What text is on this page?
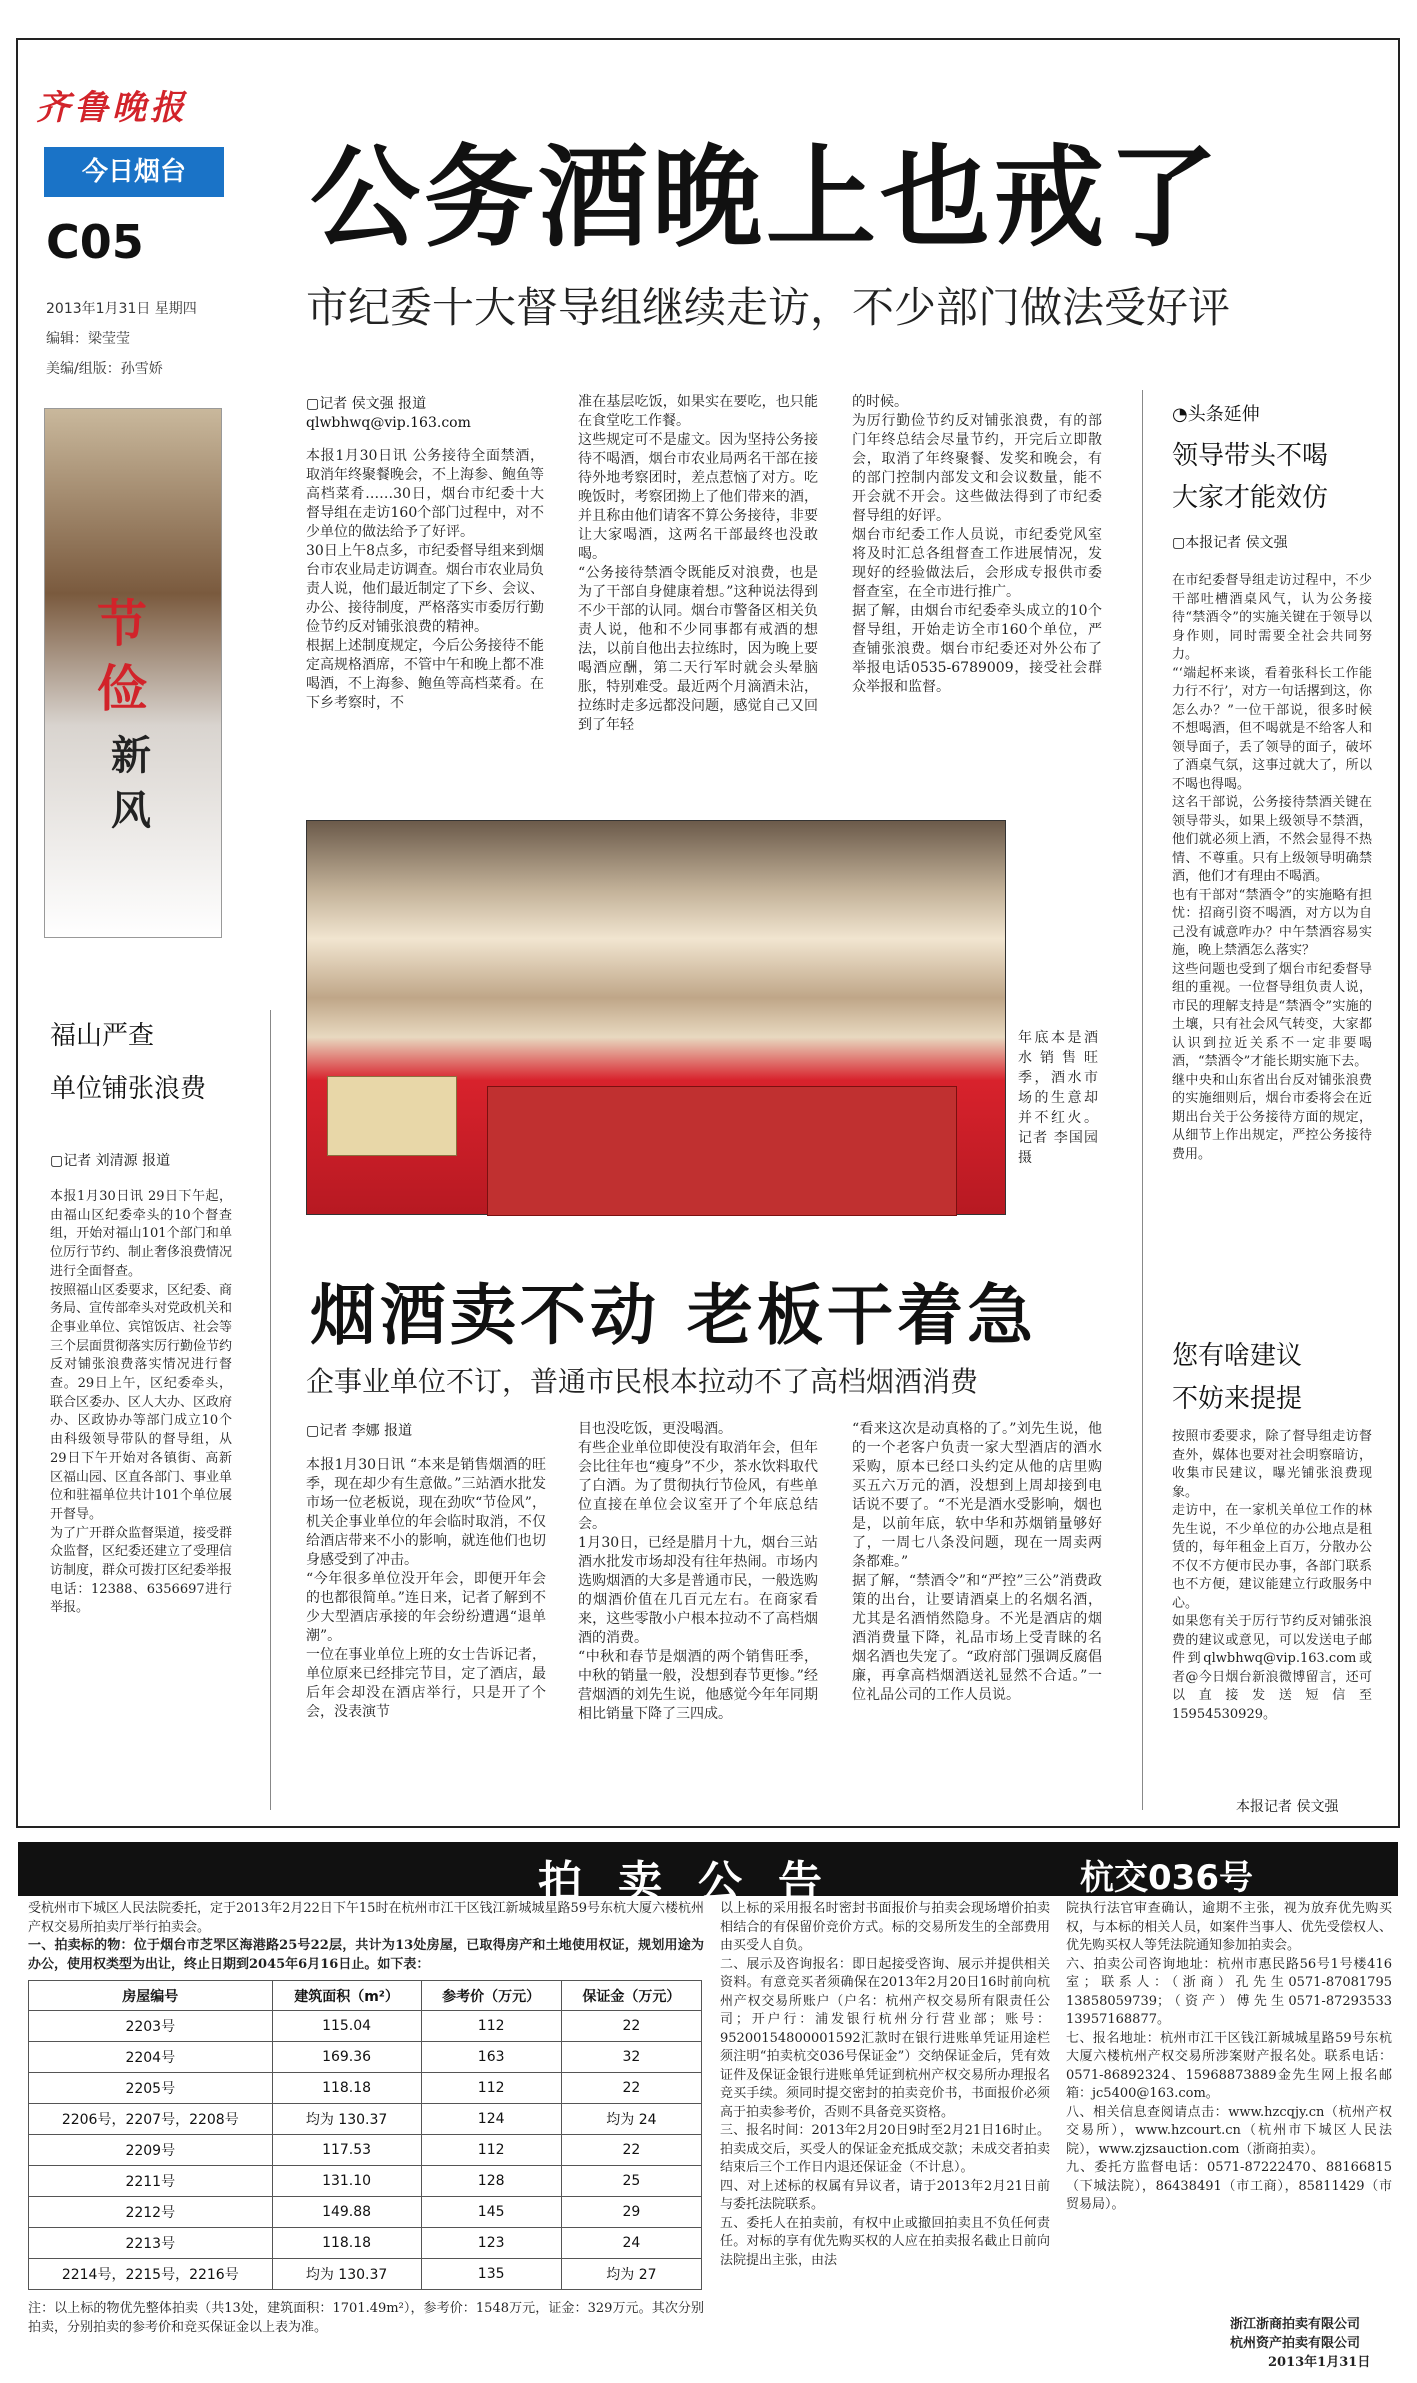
齐鲁晚报
今日烟台
C05
2013年1月31日 星期四
编辑：梁莹莹
美编/组版：孙雪娇
节
俭
新
风
公务酒晚上也戒了
市纪委十大督导组继续走访，不少部门做法受好评
▢记者 侯文强 报道
qlwbhwq@vip.163.com
本报1月30日讯 公务接待全面禁酒，取消年终聚餐晚会，不上海参、鲍鱼等高档菜肴……30日，烟台市纪委十大督导组在走访160个部门过程中，对不少单位的做法给予了好评。
30日上午8点多，市纪委督导组来到烟台市农业局走访调查。烟台市农业局负责人说，他们最近制定了下乡、会议、办公、接待制度，严格落实市委厉行勤俭节约反对铺张浪费的精神。
根据上述制度规定，今后公务接待不能定高规格酒席，不管中午和晚上都不准喝酒，不上海参、鲍鱼等高档菜肴。在下乡考察时，不
准在基层吃饭，如果实在要吃，也只能在食堂吃工作餐。
这些规定可不是虚文。因为坚持公务接待不喝酒，烟台市农业局两名干部在接待外地考察团时，差点惹恼了对方。吃晚饭时，考察团拗上了他们带来的酒，并且称由他们请客不算公务接待，非要让大家喝酒，这两名干部最终也没敢喝。
“公务接待禁酒令既能反对浪费，也是为了干部自身健康着想。”这种说法得到不少干部的认同。烟台市警备区相关负责人说，他和不少同事都有戒酒的想法，以前自他出去拉练时，因为晚上要喝酒应酬，第二天行军时就会头晕脑胀，特别难受。最近两个月滴酒未沾，拉练时走多远都没问题，感觉自己又回到了年轻
的时候。
为厉行勤俭节约反对铺张浪费，有的部门年终总结会尽量节约，开完后立即散会，取消了年终聚餐、发奖和晚会，有的部门控制内部发文和会议数量，能不开会就不开会。这些做法得到了市纪委督导组的好评。
烟台市纪委工作人员说，市纪委党风室将及时汇总各组督查工作进展情况，发现好的经验做法后，会形成专报供市委督查室，在全市进行推广。
据了解，由烟台市纪委牵头成立的10个督导组，开始走访全市160个单位，严查铺张浪费。烟台市纪委还对外公布了举报电话0535-6789009，接受社会群众举报和监督。
年底本是酒水销售旺季，酒水市场的生意却并不红火。记者 李国园 摄
福山严查
单位铺张浪费
▢记者 刘清源 报道
本报1月30日讯 29日下午起，由福山区纪委牵头的10个督查组，开始对福山101个部门和单位厉行节约、制止奢侈浪费情况进行全面督查。
按照福山区委要求，区纪委、商务局、宣传部牵头对党政机关和企事业单位、宾馆饭店、社会等三个层面贯彻落实厉行勤俭节约反对铺张浪费落实情况进行督查。29日上午，区纪委牵头，联合区委办、区人大办、区政府办、区政协办等部门成立10个由科级领导带队的督导组，从29日下午开始对各镇街、高新区福山园、区直各部门、事业单位和驻福单位共计101个单位展开督导。
为了广开群众监督渠道，接受群众监督，区纪委还建立了受理信访制度，群众可拨打区纪委举报电话：12388、6356697进行举报。
烟酒卖不动 老板干着急
企事业单位不订，普通市民根本拉动不了高档烟酒消费
▢记者 李娜 报道
本报1月30日讯 “本来是销售烟酒的旺季，现在却少有生意做。”三站酒水批发市场一位老板说，现在劲吹“节俭风”，机关企事业单位的年会临时取消，不仅给酒店带来不小的影响，就连他们也切身感受到了冲击。
“今年很多单位没开年会，即便开年会的也都很简单。”连日来，记者了解到不少大型酒店承接的年会纷纷遭遇“退单潮”。
一位在事业单位上班的女士告诉记者，单位原来已经排完节目，定了酒店，最后年会却没在酒店举行，只是开了个会，没表演节
目也没吃饭，更没喝酒。
有些企业单位即使没有取消年会，但年会比往年也“瘦身”不少，茶水饮料取代了白酒。为了贯彻执行节俭风，有些单位直接在单位会议室开了个年底总结会。
1月30日，已经是腊月十九，烟台三站酒水批发市场却没有往年热闹。市场内选购烟酒的大多是普通市民，一般选购的烟酒价值在几百元左右。在商家看来，这些零散小户根本拉动不了高档烟酒的消费。
“中秋和春节是烟酒的两个销售旺季，中秋的销量一般，没想到春节更惨。”经营烟酒的刘先生说，他感觉今年年同期相比销量下降了三四成。
“看来这次是动真格的了。”刘先生说，他的一个老客户负责一家大型酒店的酒水采购，原本已经口头约定从他的店里购买五六万元的酒，没想到上周却接到电话说不要了。“不光是酒水受影响，烟也是，以前年底，软中华和苏烟销量够好了，一周七八条没问题，现在一周卖两条都难。”
据了解，“禁酒令”和“严控”三公”消费政策的出台，让要请酒桌上的名烟名酒，尤其是名酒悄然隐身。不光是酒店的烟酒消费量下降，礼品市场上受青睐的名烟名酒也失宠了。“政府部门强调反腐倡廉，再拿高档烟酒送礼显然不合适。”一位礼品公司的工作人员说。
◔头条延伸
领导带头不喝
大家才能效仿
▢本报记者 侯文强
在市纪委督导组走访过程中，不少干部吐槽酒桌风气，认为公务接待“禁酒令”的实施关键在于领导以身作则，同时需要全社会共同努力。
“‘端起杯来谈，看着张科长工作能力行不行’，对方一句话撂到这，你怎么办？”一位干部说，很多时候不想喝酒，但不喝就是不给客人和领导面子，丢了领导的面子，破坏了酒桌气氛，这事过就大了，所以不喝也得喝。
这名干部说，公务接待禁酒关键在领导带头，如果上级领导不禁酒，他们就必须上酒，不然会显得不热情、不尊重。只有上级领导明确禁酒，他们才有理由不喝酒。
也有干部对“禁酒令”的实施略有担忧：招商引资不喝酒，对方以为自己没有诚意咋办？中午禁酒容易实施，晚上禁酒怎么落实？
这些问题也受到了烟台市纪委督导组的重视。一位督导组负责人说，市民的理解支持是“禁酒令”实施的土壤，只有社会风气转变，大家都认识到拉近关系不一定非要喝酒，“禁酒令”才能长期实施下去。
继中央和山东省出台反对铺张浪费的实施细则后，烟台市委将会在近期出台关于公务接待方面的规定，从细节上作出规定，严控公务接待费用。
您有啥建议
不妨来提提
按照市委要求，除了督导组走访督查外，媒体也要对社会明察暗访，收集市民建议，曝光铺张浪费现象。
走访中，在一家机关单位工作的林先生说，不少单位的办公地点是租赁的，每年租金上百万，分散办公不仅不方便市民办事，各部门联系也不方便，建议能建立行政服务中心。
如果您有关于厉行节约反对铺张浪费的建议或意见，可以发送电子邮件到qlwbhwq@vip.163.com或者@今日烟台新浪微博留言，还可以直接发送短信至15954530929。
本报记者 侯文强
拍卖公告	杭交036号
受杭州市下城区人民法院委托，定于2013年2月22日下午15时在杭州市江干区钱江新城城星路59号东杭大厦六楼杭州产权交易所拍卖厅举行拍卖会。
一、拍卖标的物：位于烟台市芝罘区海港路25号22层，共计为13处房屋，已取得房产和土地使用权证，规划用途为办公，使用权类型为出让，终止日期到2045年6月16日止。如下表：
房屋编号	建筑面积（m²）	参考价（万元）	保证金（万元）
2203号	115.04	112	22
2204号	169.36	163	32
2205号	118.18	112	22
2206号，2207号，2208号	均为 130.37	124	均为 24
2209号	117.53	112	22
2211号	131.10	128	25
2212号	149.88	145	29
2213号	118.18	123	24
2214号，2215号，2216号	均为 130.37	135	均为 27
注：以上标的物优先整体拍卖（共13处，建筑面积：1701.49m²），参考价：1548万元，证金：329万元。其次分别拍卖，分别拍卖的参考价和竞买保证金以上表为准。
以上标的采用报名时密封书面报价与拍卖会现场增价拍卖相结合的有保留价竞价方式。标的交易所发生的全部费用由买受人自负。
二、展示及咨询报名：即日起接受咨询、展示并提供相关资料。有意竞买者须确保在2013年2月20日16时前向杭州产权交易所账户（户名：杭州产权交易所有限责任公司；开户行：浦发银行杭州分行营业部；账号：95200154800001592汇款时在银行进账单凭证用途栏须注明“拍卖杭交036号保证金”）交纳保证金后，凭有效证件及保证金银行进账单凭证到杭州产权交易所办理报名竞买手续。须同时提交密封的拍卖竞价书，书面报价必须高于拍卖参考价，否则不具备竞买资格。
三、报名时间：2013年2月20日9时至2月21日16时止。拍卖成交后，买受人的保证金充抵成交款；未成交者拍卖结束后三个工作日内退还保证金（不计息）。
四、对上述标的权属有异议者，请于2013年2月21日前与委托法院联系。
五、委托人在拍卖前，有权中止或撤回拍卖且不负任何责任。对标的享有优先购买权的人应在拍卖报名截止日前向法院提出主张，由法
院执行法官审查确认，逾期不主张，视为放弃优先购买权，与本标的相关人员，如案件当事人、优先受偿权人、优先购买权人等凭法院通知参加拍卖会。
六、拍卖公司咨询地址：杭州市惠民路56号1号楼416室；联系人：（浙商）孔先生0571-87081795 13858059739；（资产）傅先生0571-87293533 13957168877。
七、报名地址：杭州市江干区钱江新城城星路59号东杭大厦六楼杭州产权交易所涉案财产报名处。联系电话：0571-86892324、15968873889金先生网上报名邮箱：jc5400@163.com。
八、相关信息查阅请点击：www.hzcqjy.cn（杭州产权交易所），www.hzcourt.cn（杭州市下城区人民法院），www.zjzsauction.com（浙商拍卖）。
九、委托方监督电话：0571-87222470、88166815（下城法院），86438491（市工商），85811429（市贸易局）。
浙江浙商拍卖有限公司
杭州资产拍卖有限公司
2013年1月31日
